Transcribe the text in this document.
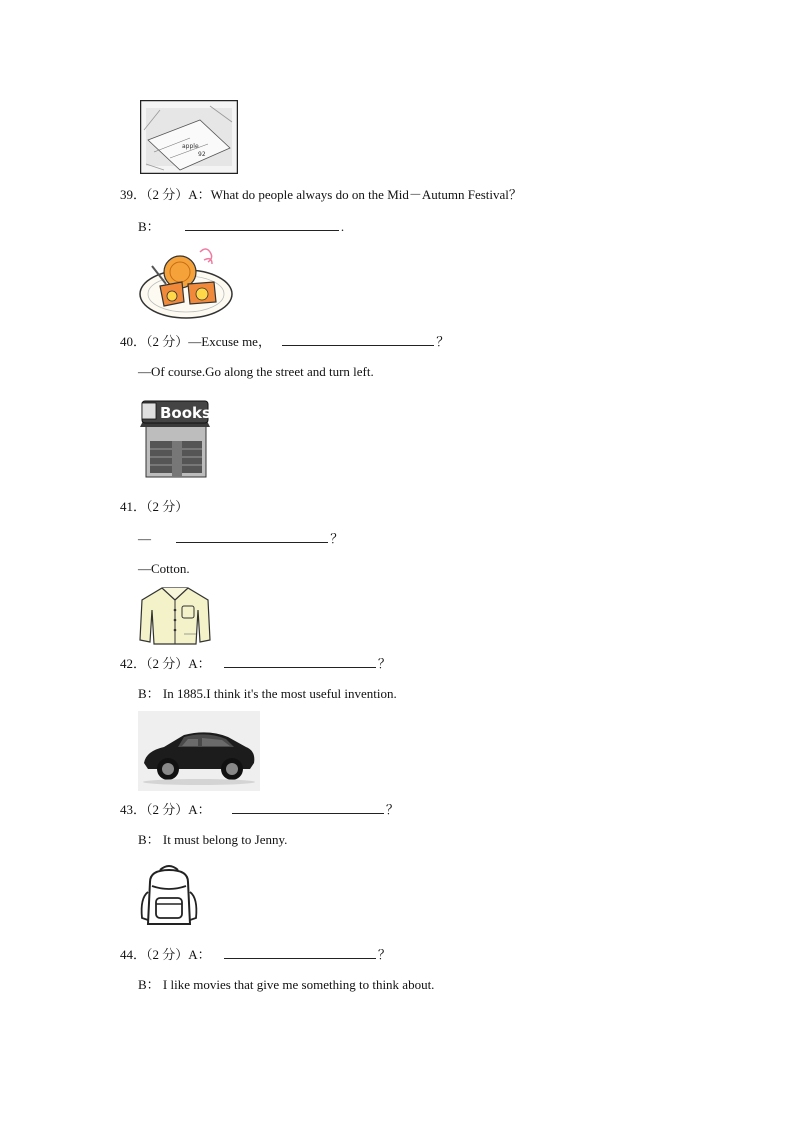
apple
92
39．（2 分）A：What do people always do on the Mid－Autumn Festival？
B：	.
40．（2 分）—Excuse me，	？
—Of course.Go along the street and turn left.
Books
41．（2 分）
—	？
—Cotton.
42．（2 分）A：	？
B： In 1885.I think it's the most useful invention.
43．（2 分）A：	？
B： It must belong to Jenny.
44．（2 分）A：	？
B： I like movies that give me something to think about.
